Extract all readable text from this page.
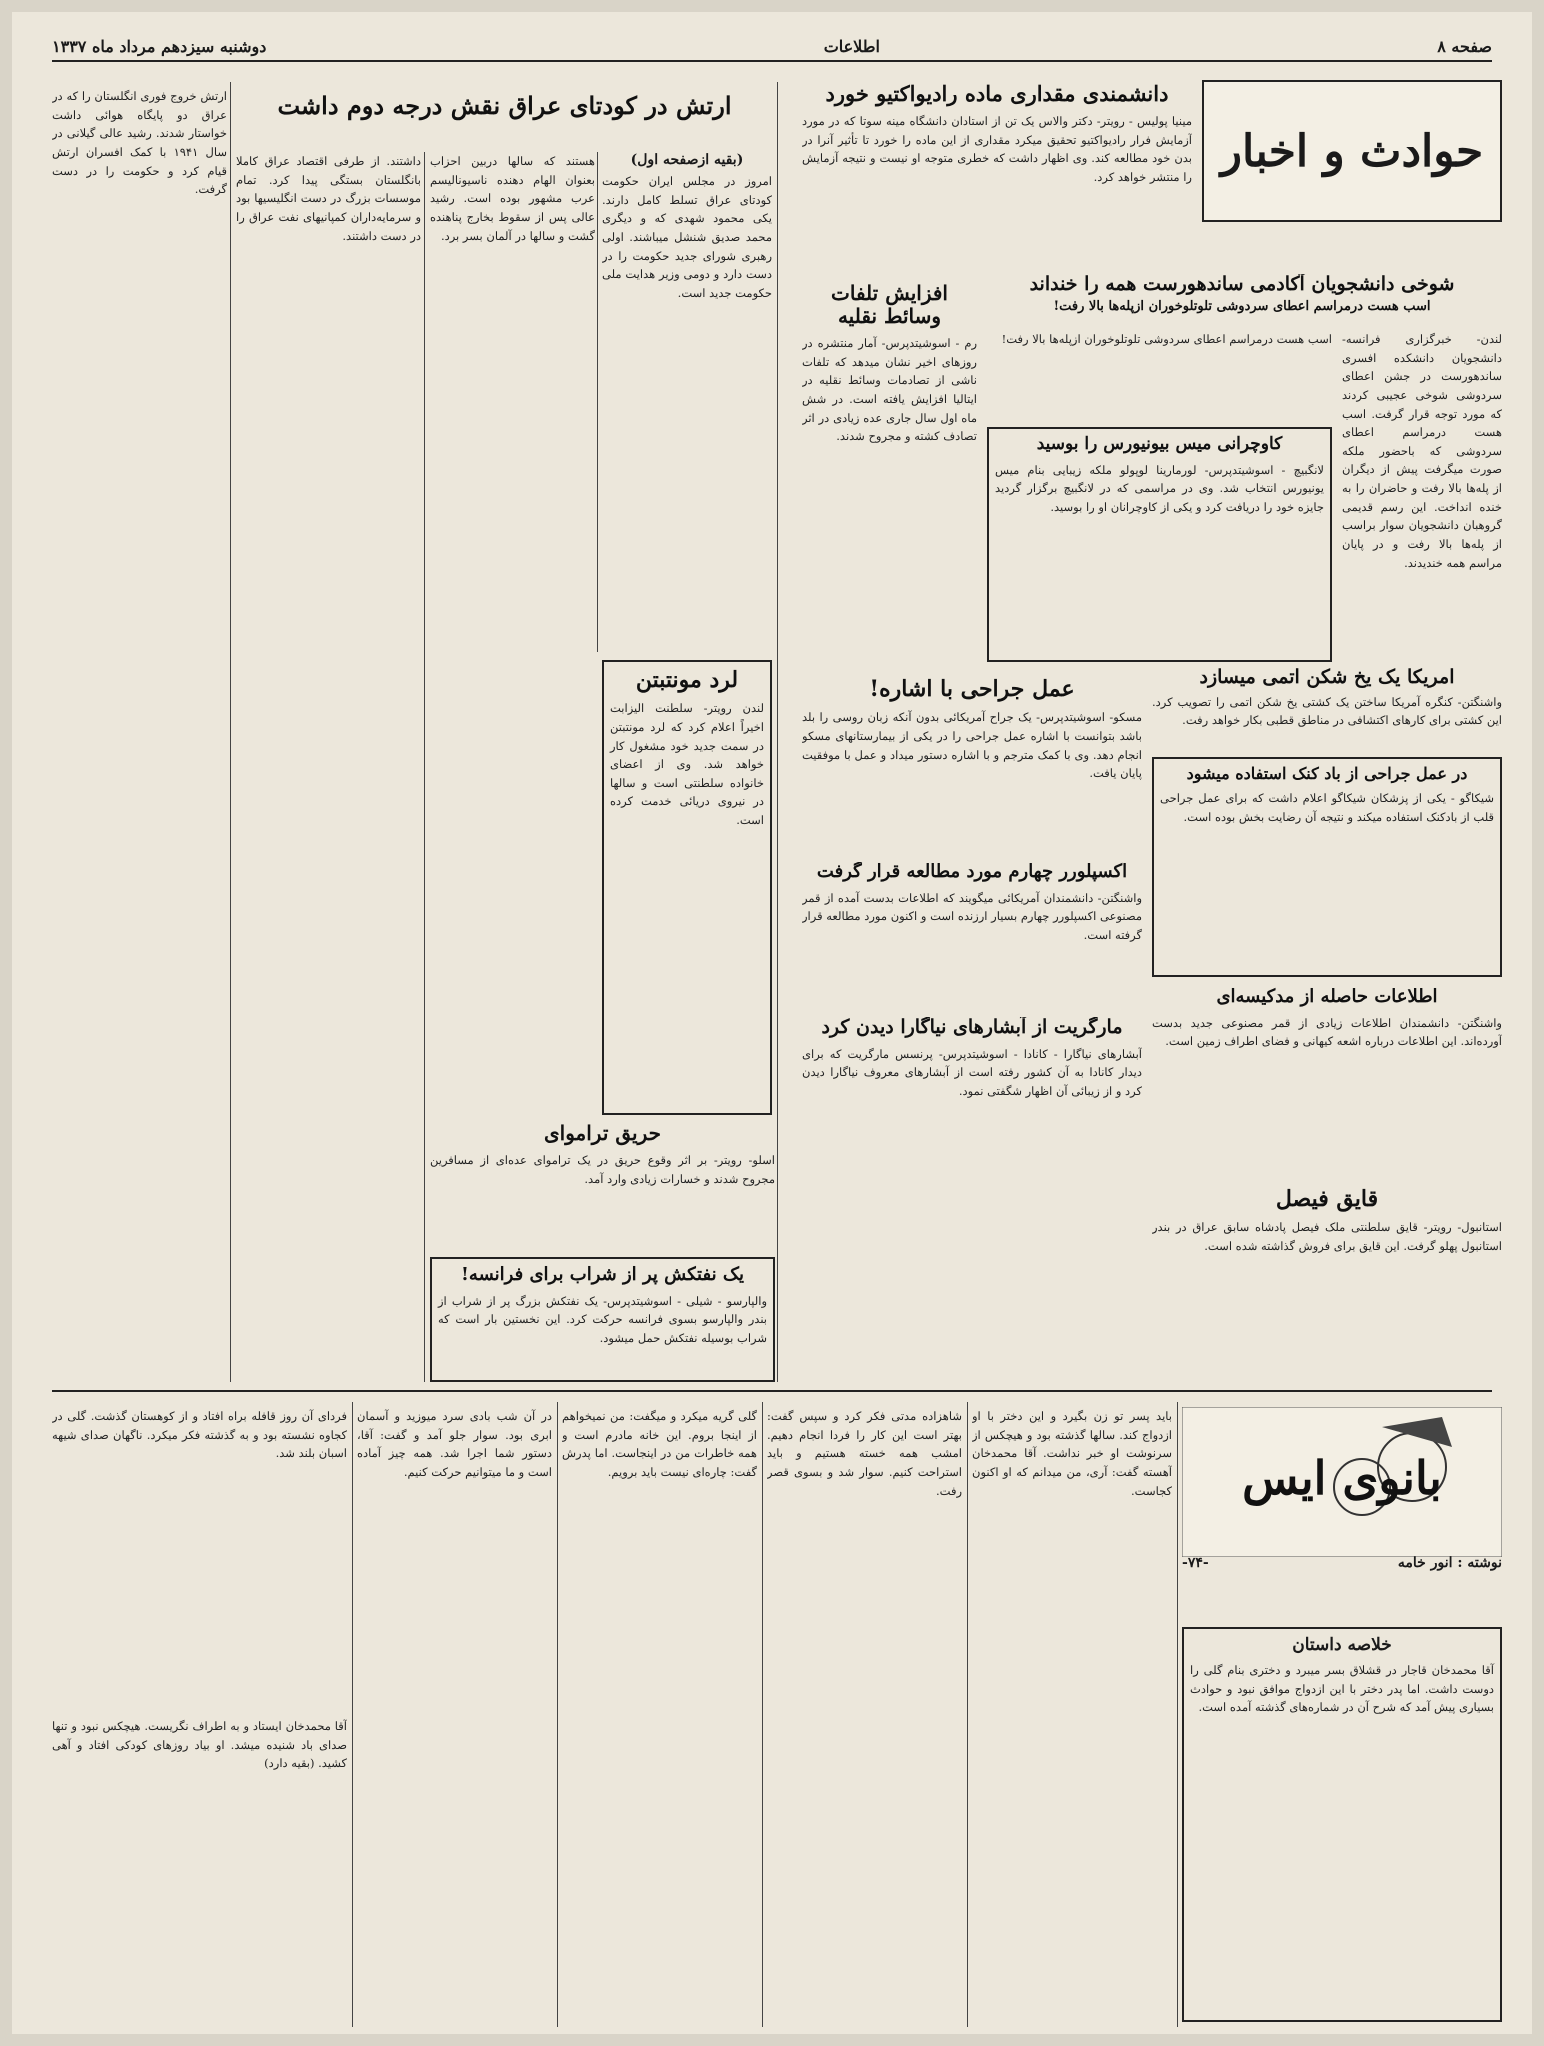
صفحه ۸
اطلاعات
دوشنبه سیزدهم مرداد ماه ۱۳۳۷
حوادث و اخبار
دانشمندی مقداری ماده رادیواکتیو خورد
مینیا پولیس - رویتر- دکتر والاس یک تن از استادان دانشگاه مینه سوتا که در مورد آزمایش فرار رادیواکتیو تحقیق میکرد مقداری از این ماده را خورد تا تأثیر آنرا در بدن خود مطالعه کند. وی اظهار داشت که خطری متوجه او نیست و نتیجه آزمایش را منتشر خواهد کرد.
شوخی دانشجویان آکادمی ساندهورست همه را خنداند
اسب هست درمراسم اعطای سردوشی تلوتلوخوران ازپله‌ها بالا رفت!
لندن- خبرگزاری فرانسه- دانشجویان دانشکده افسری ساندهورست در جشن اعطای سردوشی شوخی عجیبی کردند که مورد توجه قرار گرفت. اسب هست درمراسم اعطای سردوشی که باحضور ملکه صورت میگرفت پیش از دیگران از پله‌ها بالا رفت و حاضران را به خنده انداخت. این رسم قدیمی گروهبان دانشجویان سوار براسب از پله‌ها بالا رفت و در پایان مراسم همه خندیدند.
اسب هست درمراسم اعطای سردوشی تلوتلوخوران ازپله‌ها بالا رفت!
کاوچرانی میس بیونیورس را بوسید
لانگبیچ - اسوشیتدپرس- لورمارینا لوپولو ملکه زیبایی بنام میس یونیورس انتخاب شد. وی در مراسمی که در لانگبیچ برگزار گردید جایزه خود را دریافت کرد و یکی از کاوچرانان او را بوسید.
افزایش تلفات وسائط نقلیه
رم - اسوشیتدپرس- آمار منتشره در روزهای اخیر نشان میدهد که تلفات ناشی از تصادمات وسائط نقلیه در ایتالیا افزایش یافته است. در شش ماه اول سال جاری عده زیادی در اثر تصادف کشته و مجروح شدند.
امریکا یک یخ شکن اتمی میسازد
واشنگتن- کنگره آمریکا ساختن یک کشتی یخ شکن اتمی را تصویب کرد. این کشتی برای کارهای اکتشافی در مناطق قطبی بکار خواهد رفت.
عمل جراحی با اشاره!
مسکو- اسوشیتدپرس- یک جراح آمریکائی بدون آنکه زبان روسی را بلد باشد بتوانست با اشاره عمل جراحی را در یکی از بیمارستانهای مسکو انجام دهد. وی با کمک مترجم و با اشاره دستور میداد و عمل با موفقیت پایان یافت.	در عمل جراحی از باد کنک استفاده میشود
شیکاگو - یکی از پزشکان شیکاگو اعلام داشت که برای عمل جراحی قلب از بادکنک استفاده میکند و نتیجه آن رضایت بخش بوده است.
اکسپلورر چهارم مورد مطالعه قرار گرفت
واشنگتن- دانشمندان آمریکائی میگویند که اطلاعات بدست آمده از قمر مصنوعی اکسپلورر چهارم بسیار ارزنده است و اکنون مورد مطالعه قرار گرفته است.
اطلاعات حاصله از مدکیسه‌ای
واشنگتن- دانشمندان اطلاعات زیادی از قمر مصنوعی جدید بدست آورده‌اند. این اطلاعات درباره اشعه کیهانی و فضای اطراف زمین است.
مارگریت از آبشارهای نیاگارا دیدن کرد
آبشارهای نیاگارا - کانادا - اسوشیتدپرس- پرنسس مارگریت که برای دیدار کانادا به آن کشور رفته است از آبشارهای معروف نیاگارا دیدن کرد و از زیبائی آن اظهار شگفتی نمود.
قایق فیصل
استانبول- رویتر- قایق سلطنتی ملک فیصل پادشاه سابق عراق در بندر استانبول پهلو گرفت. این قایق برای فروش گذاشته شده است.
ارتش در کودتای عراق نقش درجه دوم داشت
(بقیه ازصفحه اول)
امروز در مجلس ایران حکومت کودتای عراق تسلط کامل دارند. یکی محمود شهدی که و دیگری محمد صدیق شنشل میباشند. اولی رهبری شورای جدید حکومت را در دست دارد و دومی وزیر هدایت ملی حکومت جدید است.
هستند که سالها دربین احزاب بعنوان الهام دهنده ناسیونالیسم عرب مشهور بوده است. رشید عالی پس از سقوط بخارج پناهنده گشت و سالها در آلمان بسر برد.
داشتند. از طرفی اقتصاد عراق کاملا بانگلستان بستگی پیدا کرد. تمام موسسات بزرگ در دست انگلیسیها بود و سرمایه‌داران کمپانیهای نفت عراق را در دست داشتند.
ارتش خروج فوری انگلستان را که در عراق دو پایگاه هوائی داشت خواستار شدند. رشید عالی گیلانی در سال ۱۹۴۱ با کمک افسران ارتش قیام کرد و حکومت را در دست گرفت.
لرد مونتبتن
لندن رویتر- سلطنت الیزابت اخیراً اعلام کرد که لرد مونتبتن در سمت جدید خود مشغول کار خواهد شد. وی از اعضای خانواده سلطنتی است و سالها در نیروی دریائی خدمت کرده است.
حریق تراموای
اسلو- رویتر- بر اثر وقوع حریق در یک تراموای عده‌ای از مسافرین مجروح شدند و خسارات زیادی وارد آمد.
یک نفتکش پر از شراب برای فرانسه!
والپارسو - شیلی - اسوشیتدپرس- یک نفتکش بزرگ پر از شراب از بندر والپارسو بسوی فرانسه حرکت کرد. این نخستین بار است که شراب بوسیله نفتکش حمل میشود.
بانوی ایس
نوشته : انور خامه
-۷۴-
خلاصه داستان
آقا محمدخان قاجار در قشلاق بسر میبرد و دختری بنام گلی را دوست داشت. اما پدر دختر با این ازدواج موافق نبود و حوادث بسیاری پیش آمد که شرح آن در شماره‌های گذشته آمده است.
باید پسر تو زن بگیرد و این دختر با او ازدواج کند. سالها گذشته بود و هیچکس از سرنوشت او خبر نداشت. آقا محمدخان آهسته گفت: آری، من میدانم که او اکنون کجاست.
شاهزاده مدتی فکر کرد و سپس گفت: بهتر است این کار را فردا انجام دهیم. امشب همه خسته هستیم و باید استراحت کنیم. سوار شد و بسوی قصر رفت.
گلی گریه میکرد و میگفت: من نمیخواهم از اینجا بروم. این خانه مادرم است و همه خاطرات من در اینجاست. اما پدرش گفت: چاره‌ای نیست باید برویم.
در آن شب بادی سرد میوزید و آسمان ابری بود. سوار جلو آمد و گفت: آقا، دستور شما اجرا شد. همه چیز آماده است و ما میتوانیم حرکت کنیم.
فردای آن روز قافله براه افتاد و از کوهستان گذشت. گلی در کجاوه نشسته بود و به گذشته فکر میکرد. ناگهان صدای شیهه اسبان بلند شد.
آقا محمدخان ایستاد و به اطراف نگریست. هیچکس نبود و تنها صدای باد شنیده میشد. او بیاد روزهای کودکی افتاد و آهی کشید. (بقیه دارد)
